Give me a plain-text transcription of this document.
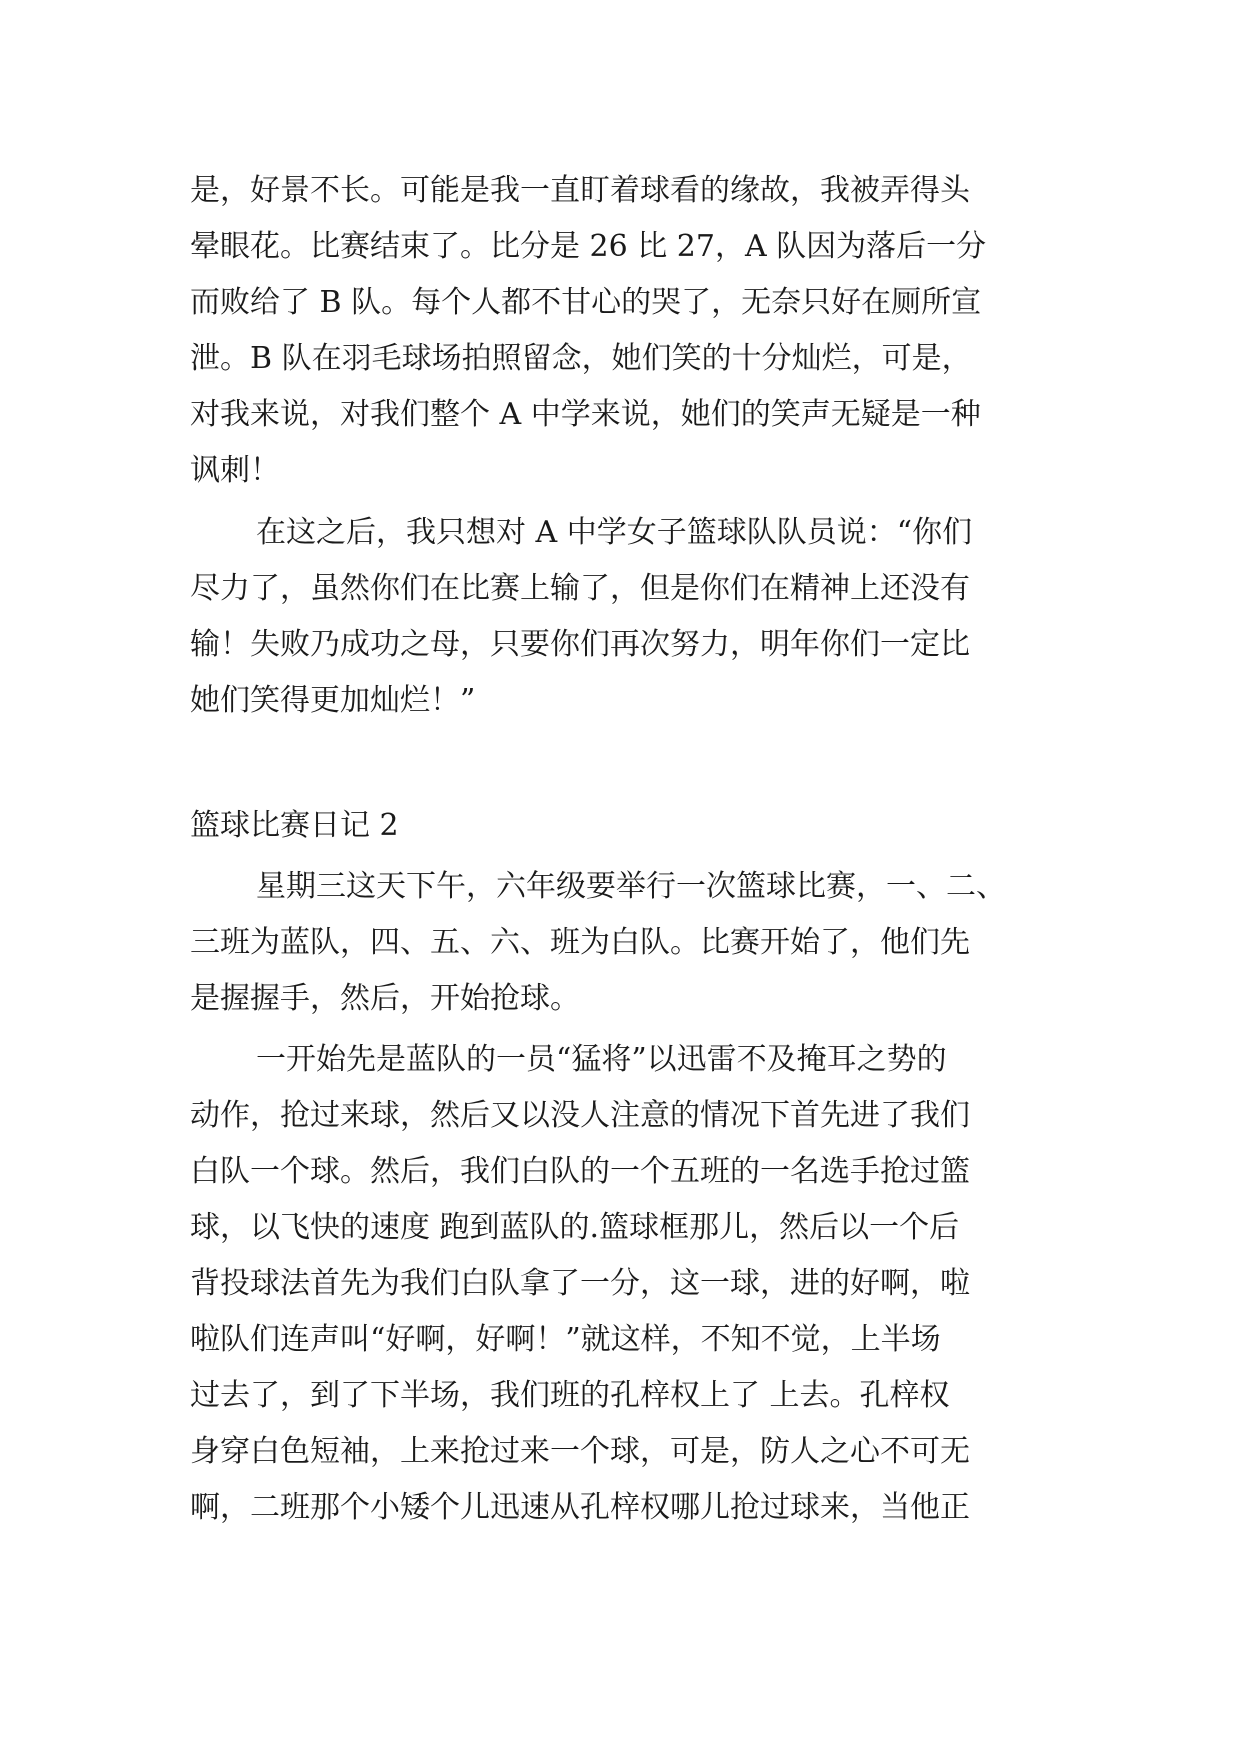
是，好景不长。可能是我一直盯着球看的缘故，我被弄得头
晕眼花。比赛结束了。比分是 26 比 27，A 队因为落后一分
而败给了 B 队。每个人都不甘心的哭了，无奈只好在厕所宣
泄。B 队在羽毛球场拍照留念，她们笑的十分灿烂，可是，
对我来说，对我们整个 A 中学来说，她们的笑声无疑是一种
讽刺！
在这之后，我只想对 A 中学女子篮球队队员说：“你们
尽力了，虽然你们在比赛上输了，但是你们在精神上还没有
输！失败乃成功之母，只要你们再次努力，明年你们一定比
她们笑得更加灿烂！”
篮球比赛日记 2
星期三这天下午，六年级要举行一次篮球比赛，一、二、
三班为蓝队，四、五、六、班为白队。比赛开始了，他们先
是握握手，然后，开始抢球。
一开始先是蓝队的一员“猛将”以迅雷不及掩耳之势的
动作，抢过来球，然后又以没人注意的情况下首先进了我们
白队一个球。然后，我们白队的一个五班的一名选手抢过篮
球，以飞快的速度 跑到蓝队的.篮球框那儿，然后以一个后
背投球法首先为我们白队拿了一分，这一球，进的好啊，啦
啦队们连声叫“好啊，好啊！”就这样，不知不觉，上半场
过去了，到了下半场，我们班的孔梓权上了 上去。孔梓权
身穿白色短袖，上来抢过来一个球，可是，防人之心不可无
啊，二班那个小矮个儿迅速从孔梓权哪儿抢过球来，当他正
